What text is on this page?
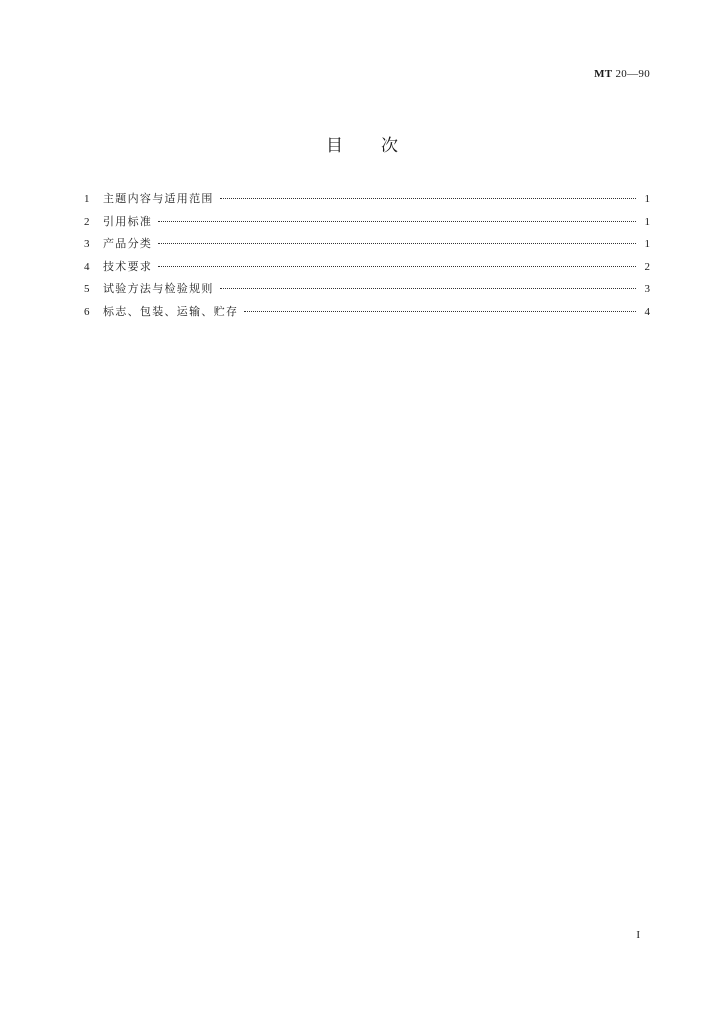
MT 20—90
目 次
1	主题内容与适用范围	1
2	引用标准	1
3	产品分类	1
4	技术要求	2
5	试验方法与检验规则	3
6	标志、包装、运输、贮存	4
I
